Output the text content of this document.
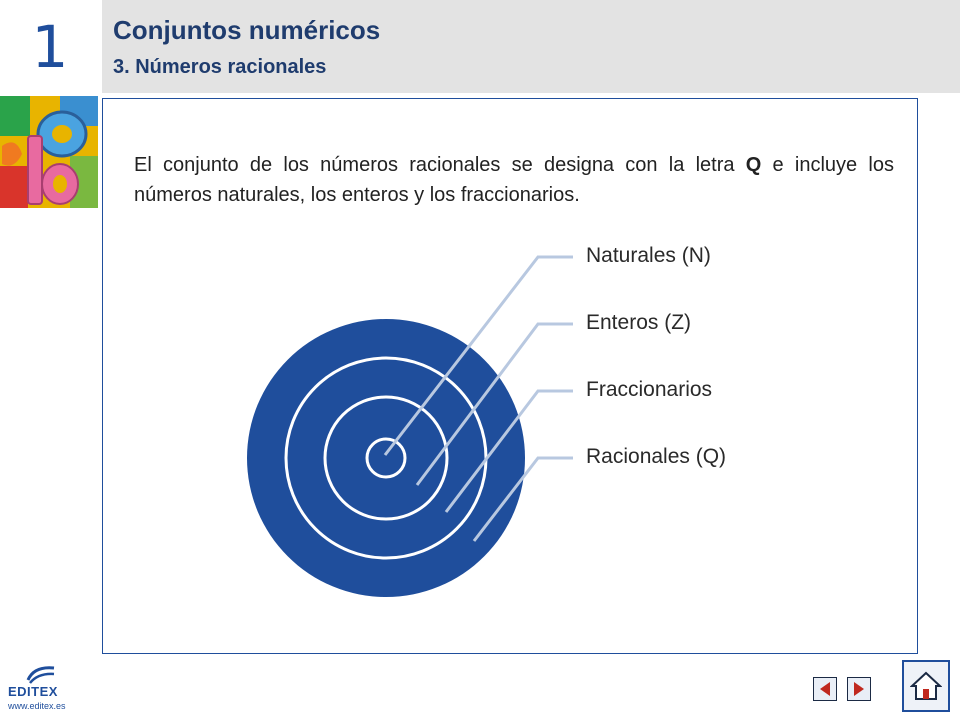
1	Conjuntos numéricos
3. Números racionales
El conjunto de los números racionales se designa con la letra Q e incluye los números naturales, los enteros y los fraccionarios.
Naturales (N)
Enteros (Z)
Fraccionarios
Racionales (Q)
EDITEX
www.editex.es
